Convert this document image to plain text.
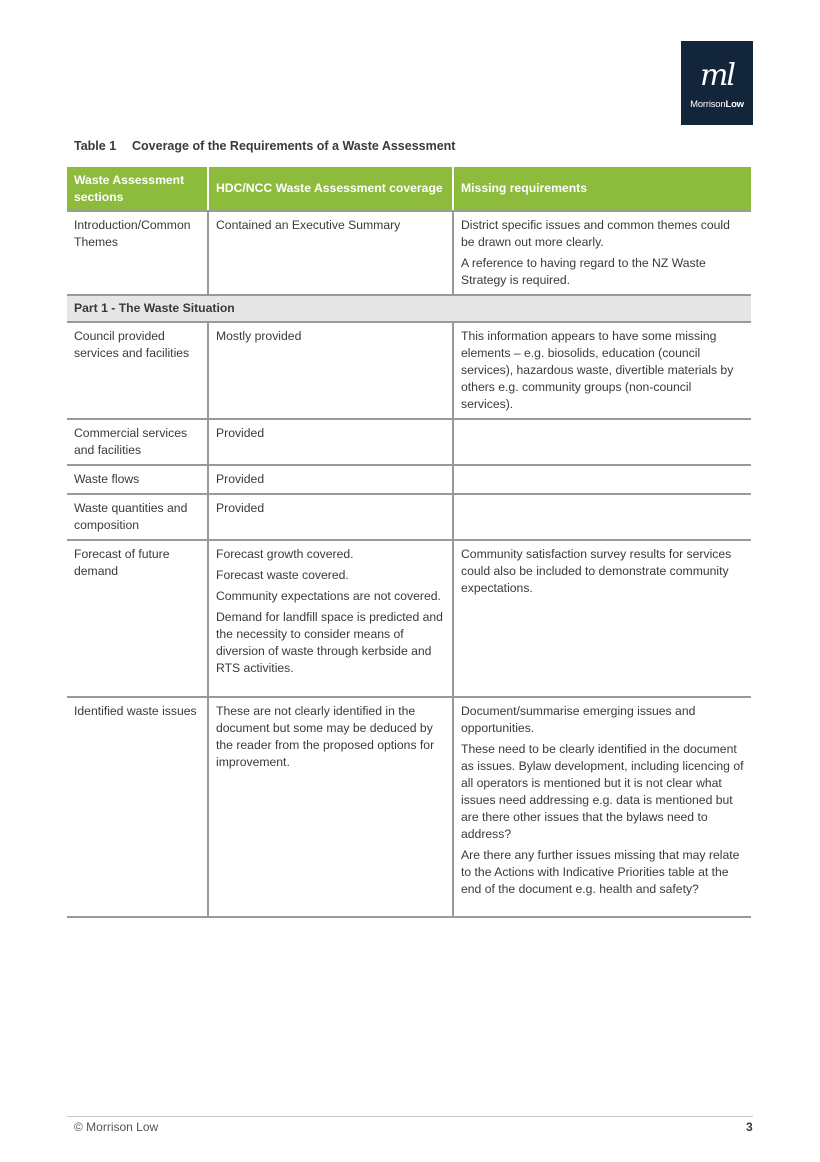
ml
MorrisonLow
Table 1 Coverage of the Requirements of a Waste Assessment
Waste Assessment sections	HDC/NCC Waste Assessment coverage	Missing requirements
Introduction/Common Themes	Contained an Executive Summary	District specific issues and common themes could be drawn out more clearly.

A reference to having regard to the NZ Waste Strategy is required.

Part 1 - The Waste Situation		
Council provided services and facilities	Mostly provided	This information appears to have some missing elements – e.g. biosolids, education (council services), hazardous waste, divertible materials by others e.g. community groups (non-council services).

Commercial services and facilities	Provided	

Waste flows	Provided	

Waste quantities and composition	Provided	

Forecast of future demand	Forecast growth covered.

Forecast waste covered.

Community expectations are not covered.

Demand for landfill space is predicted and the necessity to consider means of diversion of waste through kerbside and RTS activities.	Community satisfaction survey results for services could also be included to demonstrate community expectations.

Identified waste issues	These are not clearly identified in the document but some may be deduced by the reader from the proposed options for improvement.	Document/summarise emerging issues and opportunities.

These need to be clearly identified in the document as issues. Bylaw development, including licencing of all operators is mentioned but it is not clear what issues need addressing e.g. data is mentioned but are there other issues that the bylaws need to address?

Are there any further issues missing that may relate to the Actions with Indicative Priorities table at the end of the document e.g. health and safety?

© Morrison Low	3
